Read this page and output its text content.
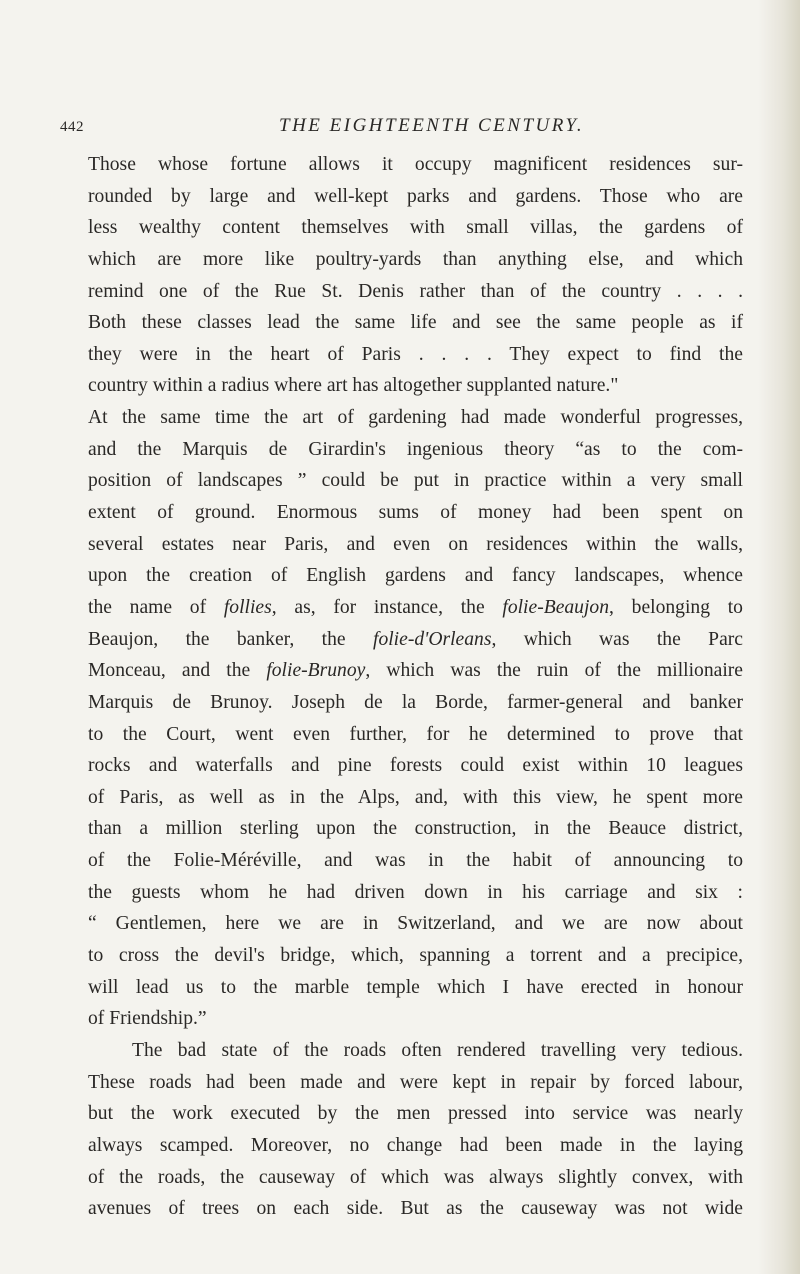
442	THE EIGHTEENTH CENTURY.
Those whose fortune allows it occupy magnificent residences sur-
rounded by large and well-kept parks and gardens. Those who are
less wealthy content themselves with small villas, the gardens of
which are more like poultry-yards than anything else, and which
remind one of the Rue St. Denis rather than of the country . . . .
Both these classes lead the same life and see the same people as if
they were in the heart of Paris . . . . They expect to find the
country within a radius where art has altogether supplanted nature."
At the same time the art of gardening had made wonderful progresses,
and the Marquis de Girardin's ingenious theory “as to the com-
position of landscapes ” could be put in practice within a very small
extent of ground. Enormous sums of money had been spent on
several estates near Paris, and even on residences within the walls,
upon the creation of English gardens and fancy landscapes, whence
the name of follies, as, for instance, the folie-Beaujon, belonging to
Beaujon, the banker, the folie-d'Orleans, which was the Parc
Monceau, and the folie-Brunoy, which was the ruin of the millionaire
Marquis de Brunoy. Joseph de la Borde, farmer-general and banker
to the Court, went even further, for he determined to prove that
rocks and waterfalls and pine forests could exist within 10 leagues
of Paris, as well as in the Alps, and, with this view, he spent more
than a million sterling upon the construction, in the Beauce district,
of the Folie-Méréville, and was in the habit of announcing to
the guests whom he had driven down in his carriage and six :
“ Gentlemen, here we are in Switzerland, and we are now about
to cross the devil's bridge, which, spanning a torrent and a precipice,
will lead us to the marble temple which I have erected in honour
of Friendship.”
The bad state of the roads often rendered travelling very tedious.
These roads had been made and were kept in repair by forced labour,
but the work executed by the men pressed into service was nearly
always scamped. Moreover, no change had been made in the laying
of the roads, the causeway of which was always slightly convex, with
avenues of trees on each side. But as the causeway was not wide
